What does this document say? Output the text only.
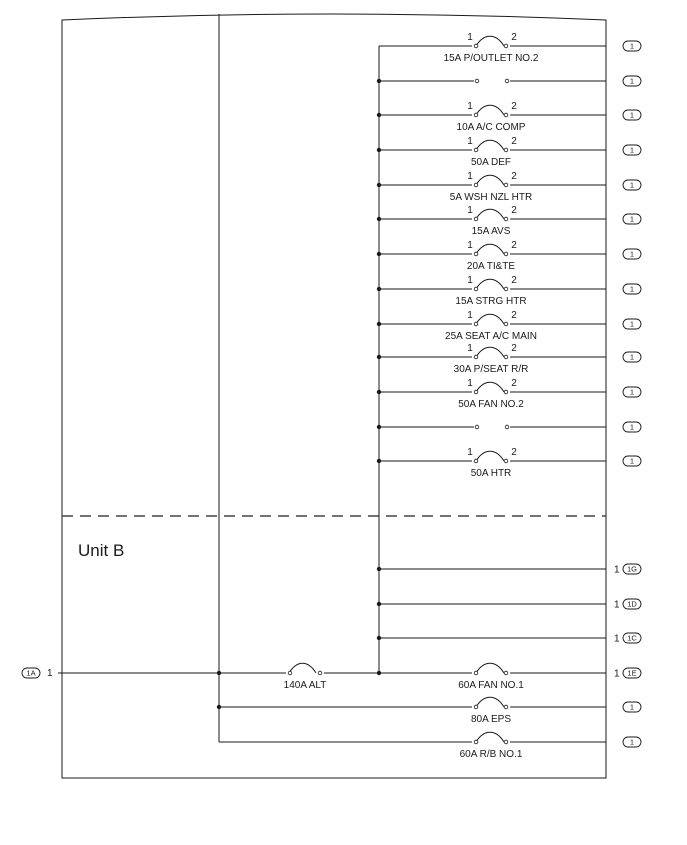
Unit B
1A 1
140A ALT
1	2
15A P/OUTLET NO.2
1
1
1	2
10A A/C COMP
1
1	2
50A DEF
1
1	2
5A WSH NZL HTR
1
1	2
15A AVS
1
1	2
20A TI&TE
1
1	2
15A STRG HTR
1
1	2
25A SEAT A/C MAIN
1
1	2
30A P/SEAT R/R
1
1	2
50A FAN NO.2
1
1
1	2
50A HTR
1
1 1G
1 1D
1 1C
60A FAN NO.1
1 1E
80A EPS
1
60A R/B NO.1
1
